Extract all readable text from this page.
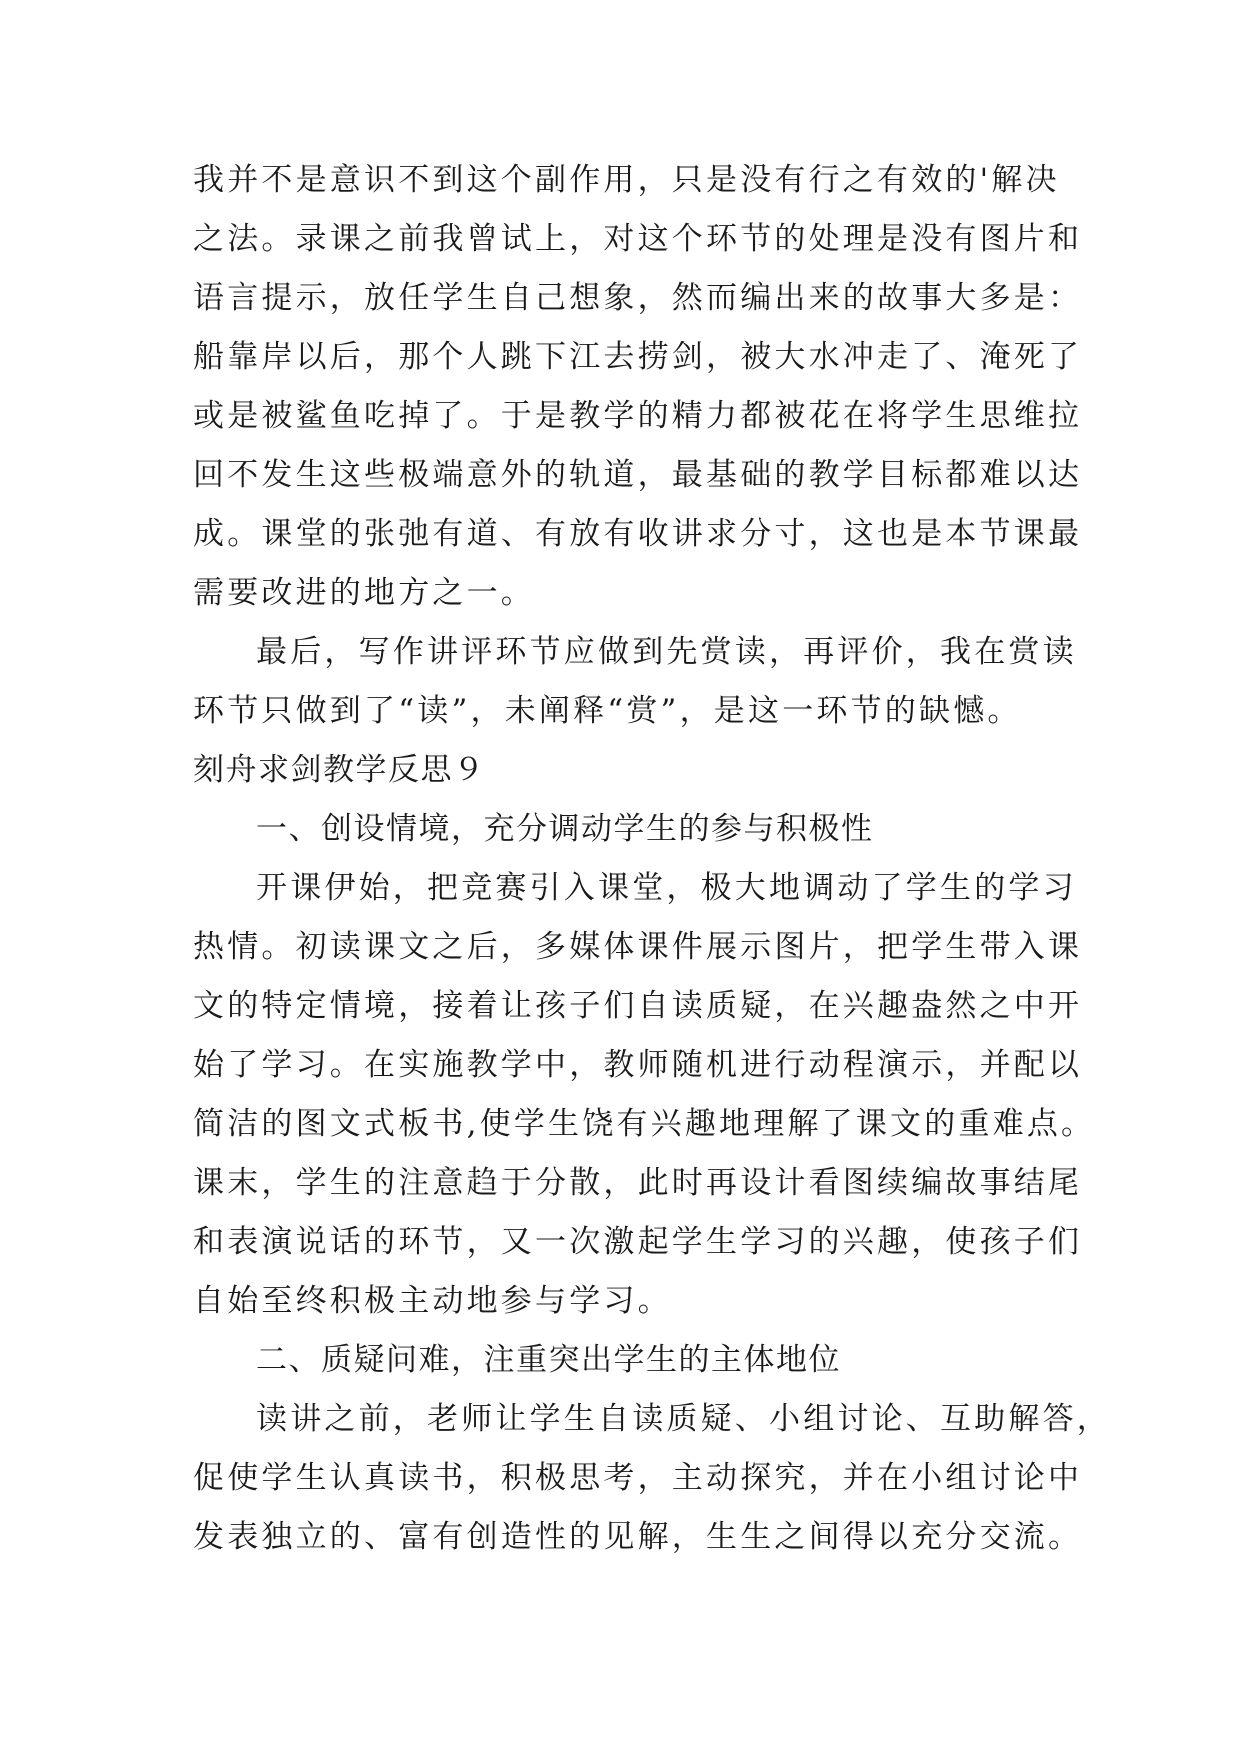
我并不是意识不到这个副作用，只是没有行之有效的'解决
之法。录课之前我曾试上，对这个环节的处理是没有图片和
语言提示，放任学生自己想象，然而编出来的故事大多是：
船靠岸以后，那个人跳下江去捞剑，被大水冲走了、淹死了
或是被鲨鱼吃掉了。于是教学的精力都被花在将学生思维拉
回不发生这些极端意外的轨道，最基础的教学目标都难以达
成。课堂的张弛有道、有放有收讲求分寸，这也是本节课最
需要改进的地方之一。
最后，写作讲评环节应做到先赏读，再评价，我在赏读
环节只做到了“读”，未阐释“赏”，是这一环节的缺憾。
刻舟求剑教学反思９
一、创设情境，充分调动学生的参与积极性
开课伊始，把竞赛引入课堂，极大地调动了学生的学习
热情。初读课文之后，多媒体课件展示图片，把学生带入课
文的特定情境，接着让孩子们自读质疑，在兴趣盎然之中开
始了学习。在实施教学中，教师随机进行动程演示，并配以
简洁的图文式板书,使学生饶有兴趣地理解了课文的重难点。
课末，学生的注意趋于分散，此时再设计看图续编故事结尾
和表演说话的环节，又一次激起学生学习的兴趣，使孩子们
自始至终积极主动地参与学习。
二、质疑问难，注重突出学生的主体地位
读讲之前，老师让学生自读质疑、小组讨论、互助解答，
促使学生认真读书，积极思考，主动探究，并在小组讨论中
发表独立的、富有创造性的见解，生生之间得以充分交流。
